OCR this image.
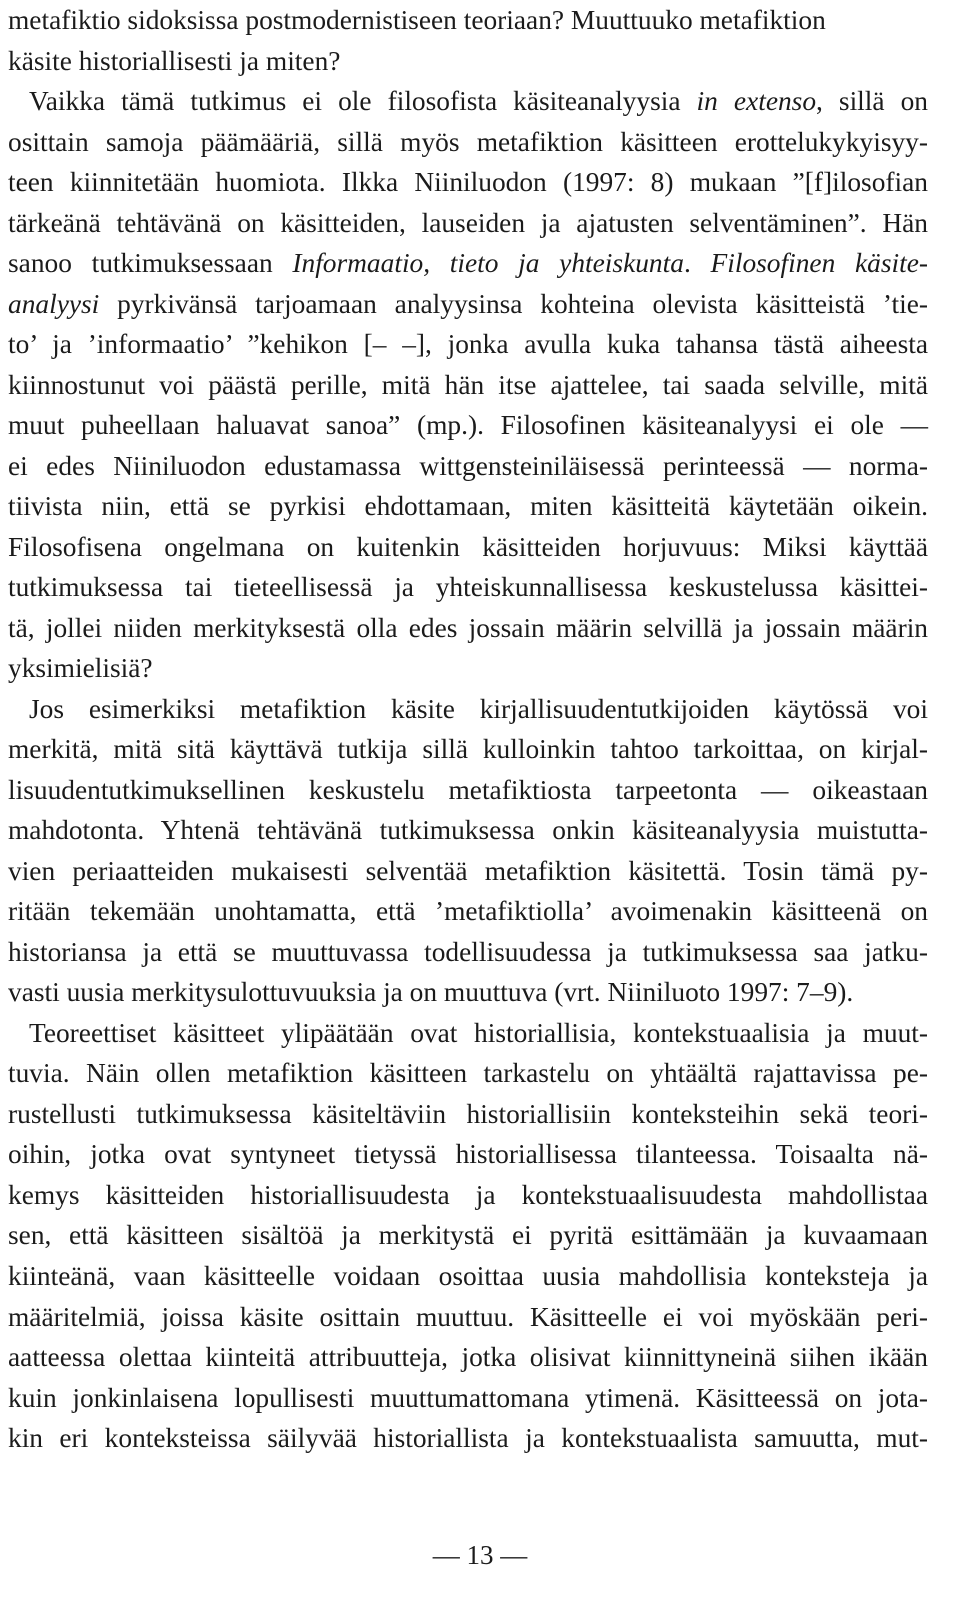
metafiktio sidoksissa postmodernistiseen teoriaan? Muuttuuko metafiktion
käsite historiallisesti ja miten?
Vaikka tämä tutkimus ei ole filosofista käsiteanalyysia in extenso, sillä on
osittain samoja päämääriä, sillä myös metafiktion käsitteen erottelukykyisyy-
teen kiinnitetään huomiota. Ilkka Niiniluodon (1997: 8) mukaan ”[f]ilosofian
tärkeänä tehtävänä on käsitteiden, lauseiden ja ajatusten selventäminen”. Hän
sanoo tutkimuksessaan Informaatio, tieto ja yhteiskunta. Filosofinen käsite-
analyysi pyrkivänsä tarjoamaan analyysinsa kohteina olevista käsitteistä ’tie-
to’ ja ’informaatio’ ”kehikon [– –], jonka avulla kuka tahansa tästä aiheesta
kiinnostunut voi päästä perille, mitä hän itse ajattelee, tai saada selville, mitä
muut puheellaan haluavat sanoa” (mp.). Filosofinen käsiteanalyysi ei ole —
ei edes Niiniluodon edustamassa wittgensteiniläisessä perinteessä — norma-
tiivista niin, että se pyrkisi ehdottamaan, miten käsitteitä käytetään oikein.
Filosofisena ongelmana on kuitenkin käsitteiden horjuvuus: Miksi käyttää
tutkimuksessa tai tieteellisessä ja yhteiskunnallisessa keskustelussa käsittei-
tä, jollei niiden merkityksestä olla edes jossain määrin selvillä ja jossain määrin
yksimielisiä?
Jos esimerkiksi metafiktion käsite kirjallisuudentutkijoiden käytössä voi
merkitä, mitä sitä käyttävä tutkija sillä kulloinkin tahtoo tarkoittaa, on kirjal-
lisuudentutkimuksellinen keskustelu metafiktiosta tarpeetonta — oikeastaan
mahdotonta. Yhtenä tehtävänä tutkimuksessa onkin käsiteanalyysia muistutta-
vien periaatteiden mukaisesti selventää metafiktion käsitettä. Tosin tämä py-
ritään tekemään unohtamatta, että ’metafiktiolla’ avoimenakin käsitteenä on
historiansa ja että se muuttuvassa todellisuudessa ja tutkimuksessa saa jatku-
vasti uusia merkitysulottuvuuksia ja on muuttuva (vrt. Niiniluoto 1997: 7–9).
Teoreettiset käsitteet ylipäätään ovat historiallisia, kontekstuaalisia ja muut-
tuvia. Näin ollen metafiktion käsitteen tarkastelu on yhtäältä rajattavissa pe-
rustellusti tutkimuksessa käsiteltäviin historiallisiin konteksteihin sekä teori-
oihin, jotka ovat syntyneet tietyssä historiallisessa tilanteessa. Toisaalta nä-
kemys käsitteiden historiallisuudesta ja kontekstuaalisuudesta mahdollistaa
sen, että käsitteen sisältöä ja merkitystä ei pyritä esittämään ja kuvaamaan
kiinteänä, vaan käsitteelle voidaan osoittaa uusia mahdollisia konteksteja ja
määritelmiä, joissa käsite osittain muuttuu. Käsitteelle ei voi myöskään peri-
aatteessa olettaa kiinteitä attribuutteja, jotka olisivat kiinnittyneinä siihen ikään
kuin jonkinlaisena lopullisesti muuttumattomana ytimenä. Käsitteessä on jota-
kin eri konteksteissa säilyvää historiallista ja kontekstuaalista samuutta, mut-
— 13 —
